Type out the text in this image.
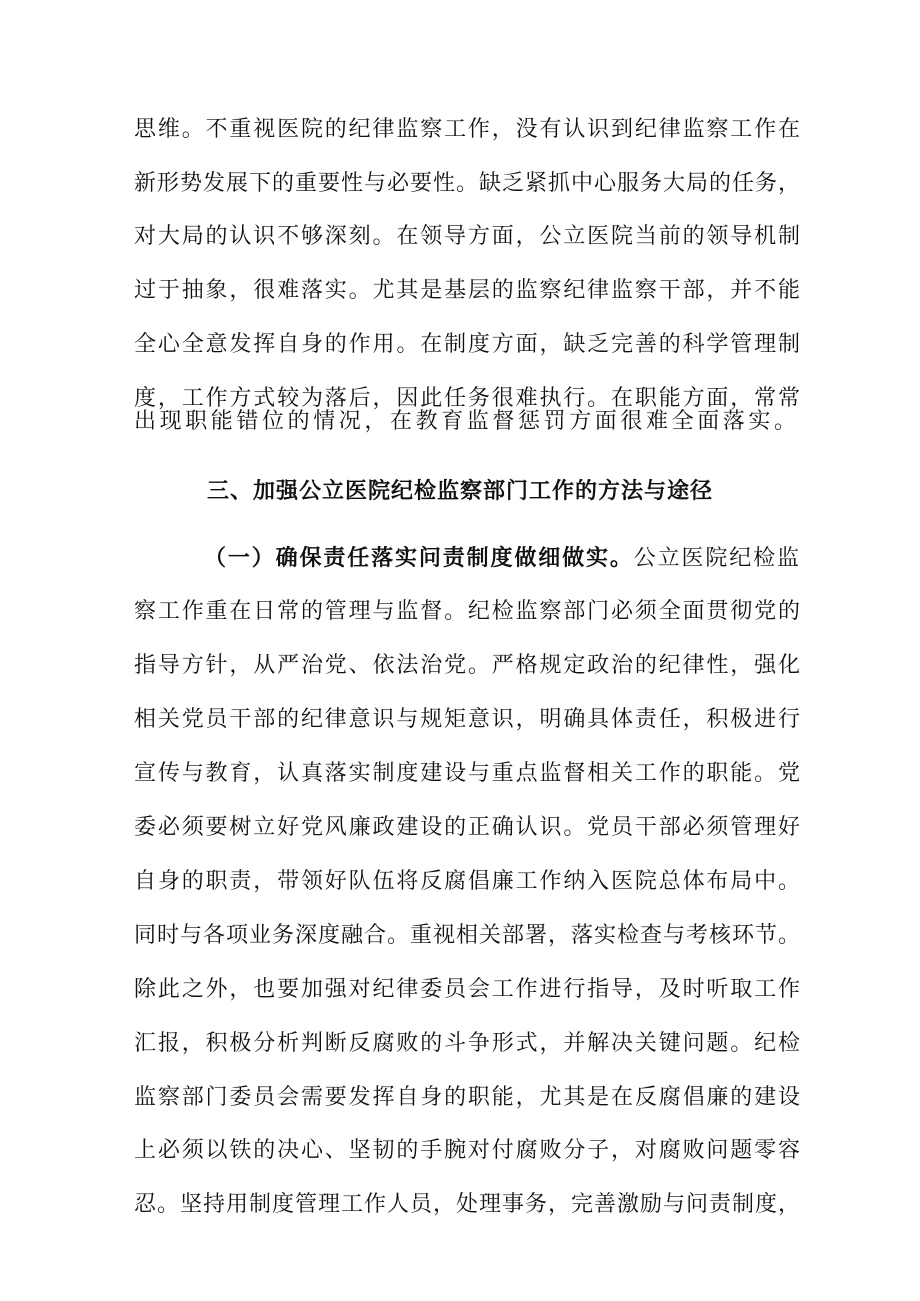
思维。不重视医院的纪律监察工作，没有认识到纪律监察工作在
新形势发展下的重要性与必要性。缺乏紧抓中心服务大局的任务，
对大局的认识不够深刻。在领导方面，公立医院当前的领导机制
过于抽象，很难落实。尤其是基层的监察纪律监察干部，并不能
全心全意发挥自身的作用。在制度方面，缺乏完善的科学管理制
度，工作方式较为落后，因此任务很难执行。在职能方面，常常
出现职能错位的情况，在教育监督惩罚方面很难全面落实。
三、加强公立医院纪检监察部门工作的方法与途径
（一）确保责任落实问责制度做细做实。公立医院纪检监
察工作重在日常的管理与监督。纪检监察部门必须全面贯彻党的
指导方针，从严治党、依法治党。严格规定政治的纪律性，强化
相关党员干部的纪律意识与规矩意识，明确具体责任，积极进行
宣传与教育，认真落实制度建设与重点监督相关工作的职能。党
委必须要树立好党风廉政建设的正确认识。党员干部必须管理好
自身的职责，带领好队伍将反腐倡廉工作纳入医院总体布局中。
同时与各项业务深度融合。重视相关部署，落实检查与考核环节。
除此之外，也要加强对纪律委员会工作进行指导，及时听取工作
汇报，积极分析判断反腐败的斗争形式，并解决关键问题。纪检
监察部门委员会需要发挥自身的职能，尤其是在反腐倡廉的建设
上必须以铁的决心、坚韧的手腕对付腐败分子，对腐败问题零容
忍。坚持用制度管理工作人员，处理事务，完善激励与问责制度，
